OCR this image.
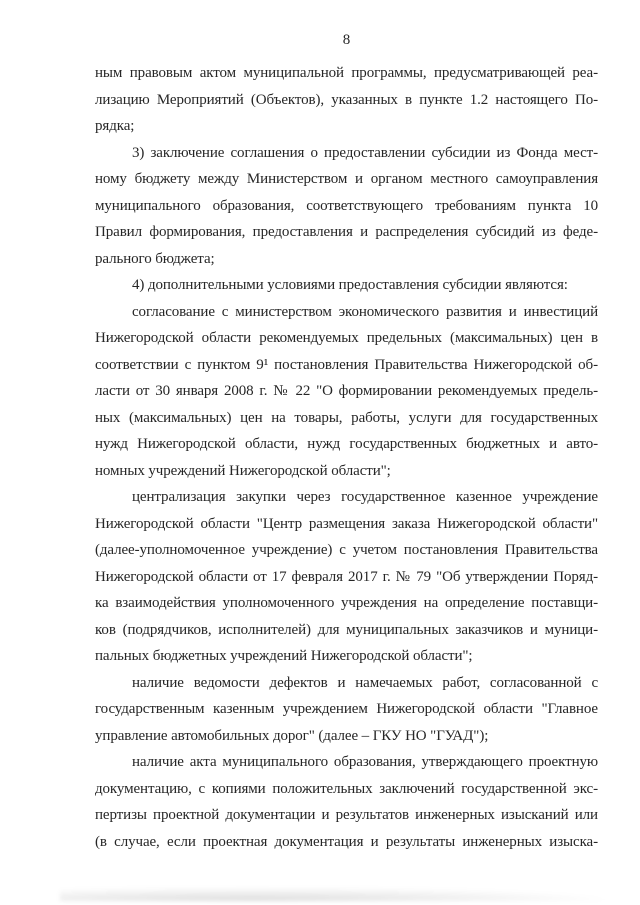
8
ным правовым актом муниципальной программы, предусматривающей реа-
лизацию Мероприятий (Объектов), указанных в пункте 1.2 настоящего По-
рядка;
3) заключение соглашения о предоставлении субсидии из Фонда мест-
ному бюджету между Министерством и органом местного самоуправления
муниципального образования, соответствующего требованиям пункта 10
Правил формирования, предоставления и распределения субсидий из феде-
рального бюджета;
4) дополнительными условиями предоставления субсидии являются:
согласование с министерством экономического развития и инвестиций
Нижегородской области рекомендуемых предельных (максимальных) цен в
соответствии с пунктом 9¹ постановления Правительства Нижегородской об-
ласти от 30 января 2008 г. № 22 "О формировании рекомендуемых предель-
ных (максимальных) цен на товары, работы, услуги для государственных
нужд Нижегородской области, нужд государственных бюджетных и авто-
номных учреждений Нижегородской области";
централизация закупки через государственное казенное учреждение
Нижегородской области "Центр размещения заказа Нижегородской области"
(далее-уполномоченное учреждение) с учетом постановления Правительства
Нижегородской области от 17 февраля 2017 г. № 79 "Об утверждении Поряд-
ка взаимодействия уполномоченного учреждения на определение поставщи-
ков (подрядчиков, исполнителей) для муниципальных заказчиков и муници-
пальных бюджетных учреждений Нижегородской области";
наличие ведомости дефектов и намечаемых работ, согласованной с
государственным казенным учреждением Нижегородской области "Главное
управление автомобильных дорог" (далее – ГКУ НО "ГУАД");
наличие акта муниципального образования, утверждающего проектную
документацию, с копиями положительных заключений государственной экс-
пертизы проектной документации и результатов инженерных изысканий или
(в случае, если проектная документация и результаты инженерных изыска-
